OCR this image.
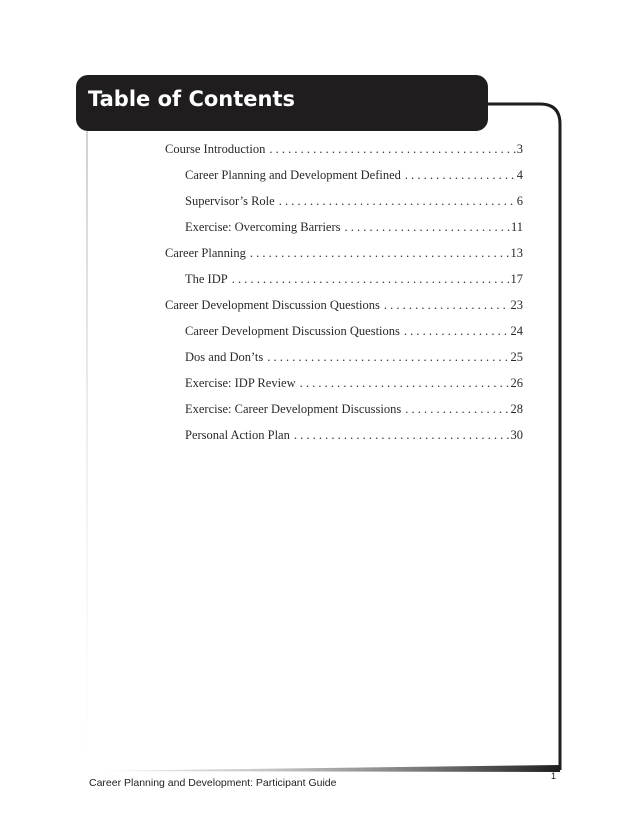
Table of Contents
Course Introduction . . .	3
Career Planning and Development Defined . . .	4
Supervisor’s Role . . .	6
Exercise: Overcoming Barriers . . .	11
Career Planning . . .	13
The IDP . . .	17
Career Development Discussion Questions . . .	23
Career Development Discussion Questions . . .	24
Dos and Don’ts . . .	25
Exercise: IDP Review . . .	26
Exercise: Career Development Discussions . . .	28
Personal Action Plan . . .	30
Career Planning and Development: Participant Guide
1
